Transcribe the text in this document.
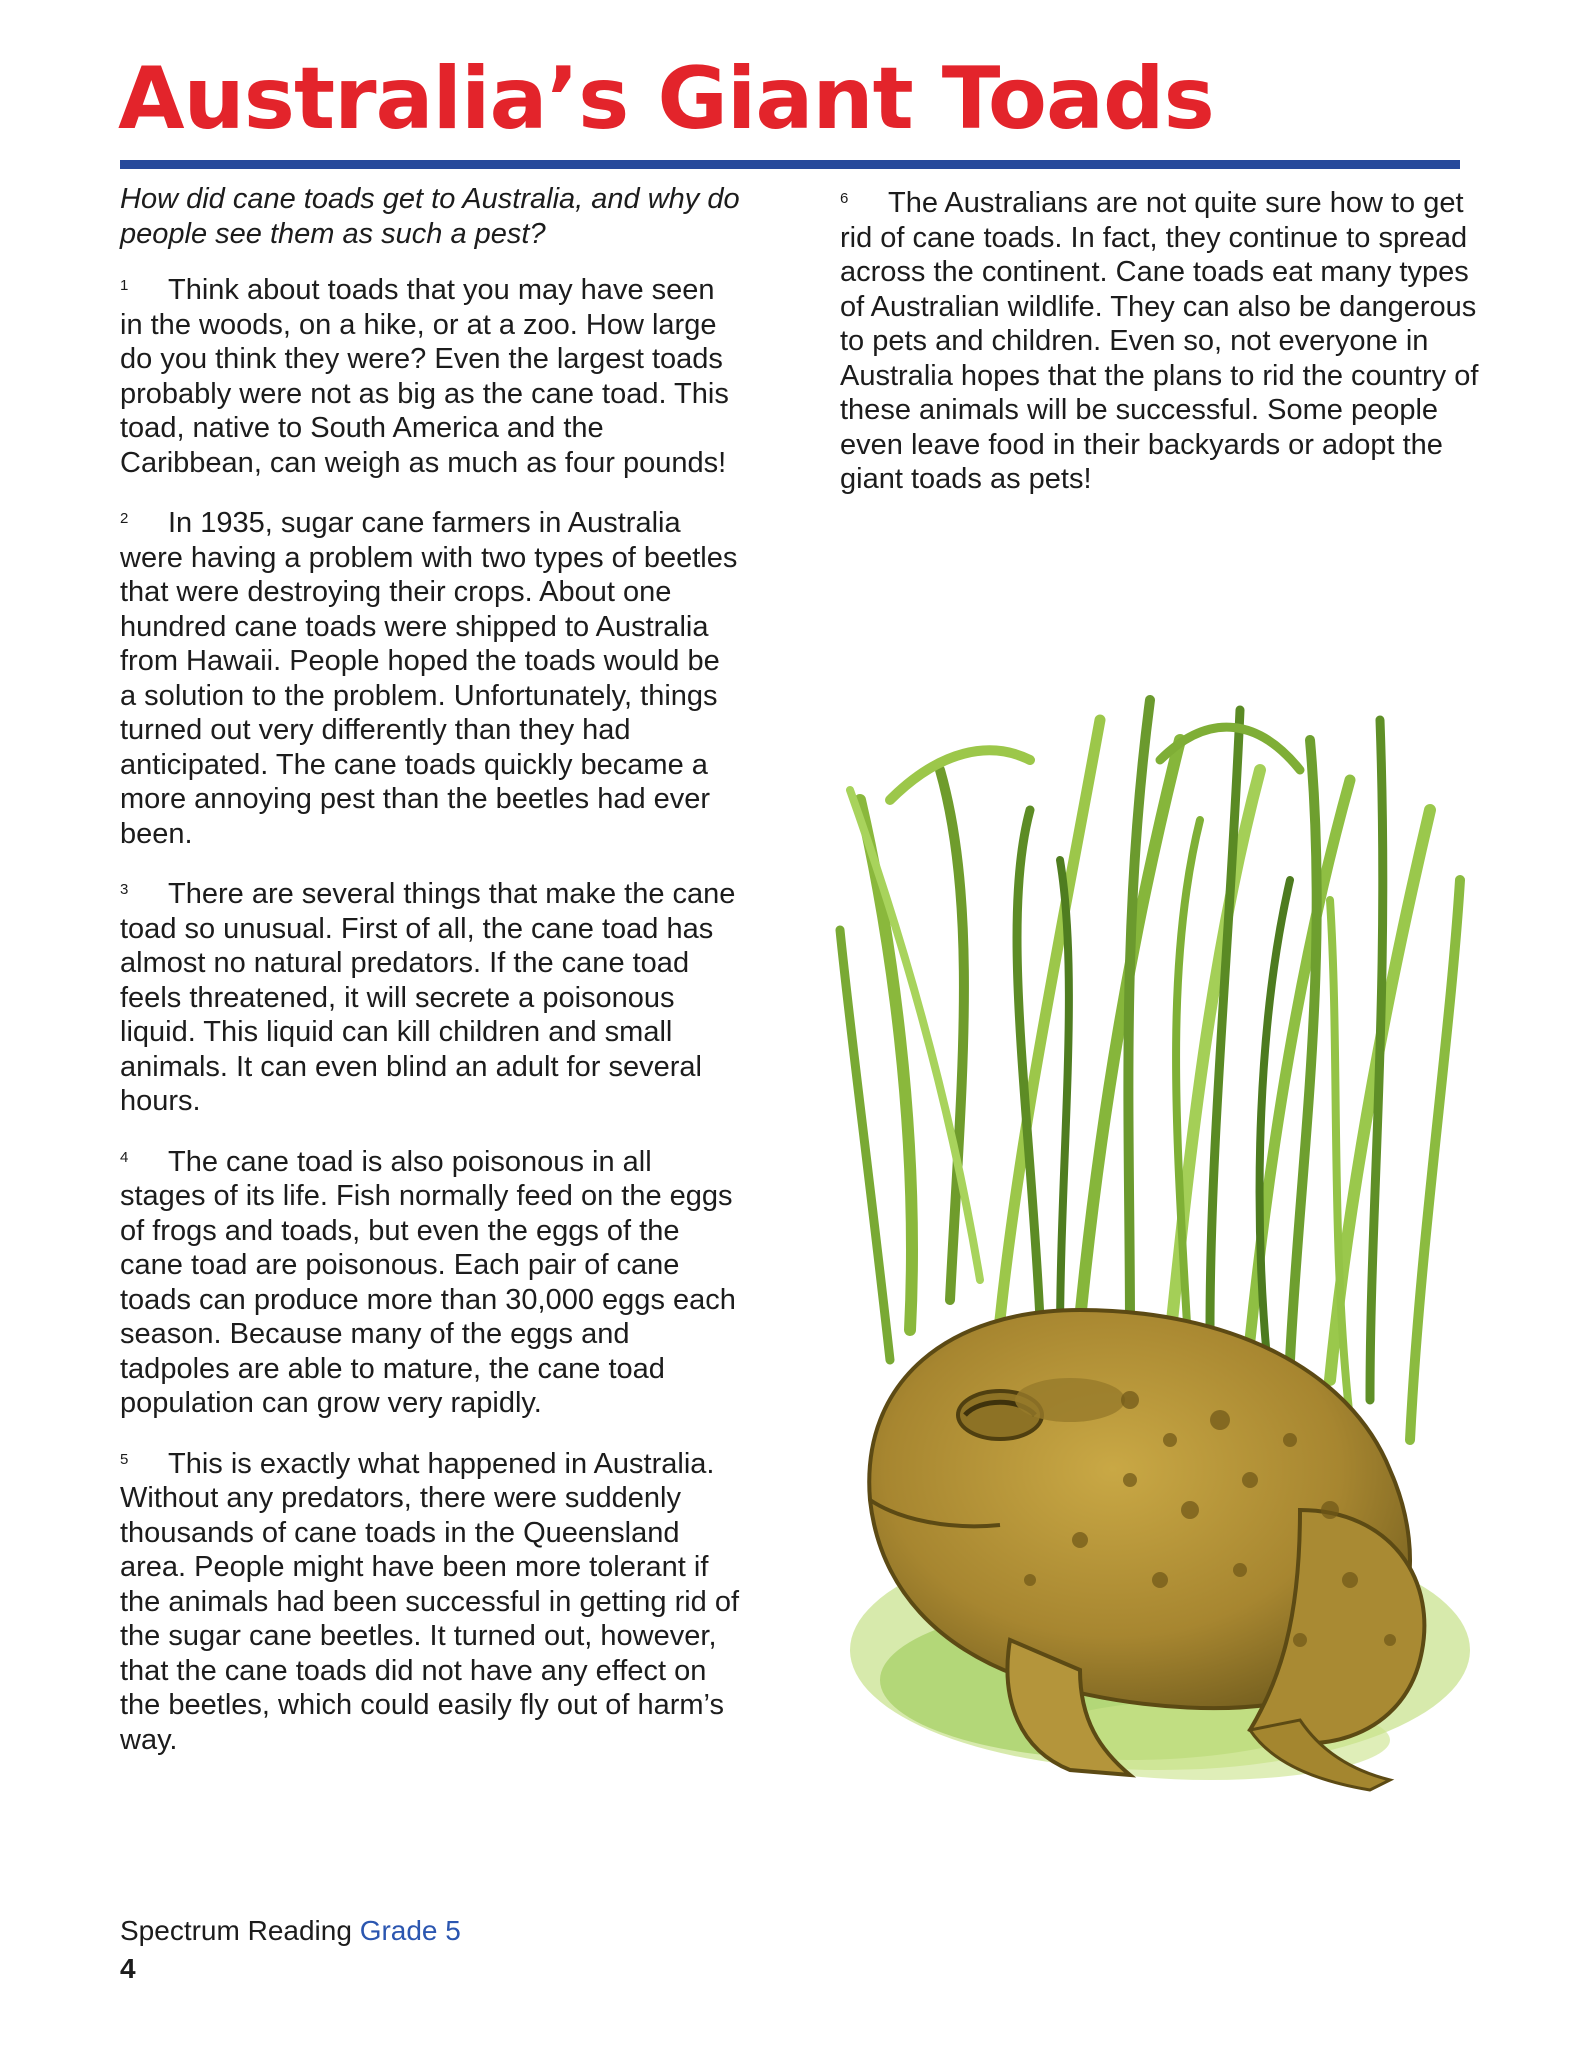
Australia’s Giant Toads

How did cane toads get to Australia, and why do people see them as such a pest?

1 Think about toads that you may have seen in the woods, on a hike, or at a zoo. How large do you think they were? Even the largest toads probably were not as big as the cane toad. This toad, native to South America and the Caribbean, can weigh as much as four pounds!

2 In 1935, sugar cane farmers in Australia were having a problem with two types of beetles that were destroying their crops. About one hundred cane toads were shipped to Australia from Hawaii. People hoped the toads would be a solution to the problem. Unfortunately, things turned out very differently than they had anticipated. The cane toads quickly became a more annoying pest than the beetles had ever been.

3 There are several things that make the cane toad so unusual. First of all, the cane toad has almost no natural predators. If the cane toad feels threatened, it will secrete a poisonous liquid. This liquid can kill children and small animals. It can even blind an adult for several hours.

4 The cane toad is also poisonous in all stages of its life. Fish normally feed on the eggs of frogs and toads, but even the eggs of the cane toad are poisonous. Each pair of cane toads can produce more than 30,000 eggs each season. Because many of the eggs and tadpoles are able to mature, the cane toad population can grow very rapidly.

5 This is exactly what happened in Australia. Without any predators, there were suddenly thousands of cane toads in the Queensland area. People might have been more tolerant if the animals had been successful in getting rid of the sugar cane beetles. It turned out, however, that the cane toads did not have any effect on the beetles, which could easily fly out of harm’s way.

6 The Australians are not quite sure how to get rid of cane toads. In fact, they continue to spread across the continent. Cane toads eat many types of Australian wildlife. They can also be dangerous to pets and children. Even so, not everyone in Australia hopes that the plans to rid the country of these animals will be successful. Some people even leave food in their backyards or adopt the giant toads as pets!

Spectrum Reading Grade 5
4
